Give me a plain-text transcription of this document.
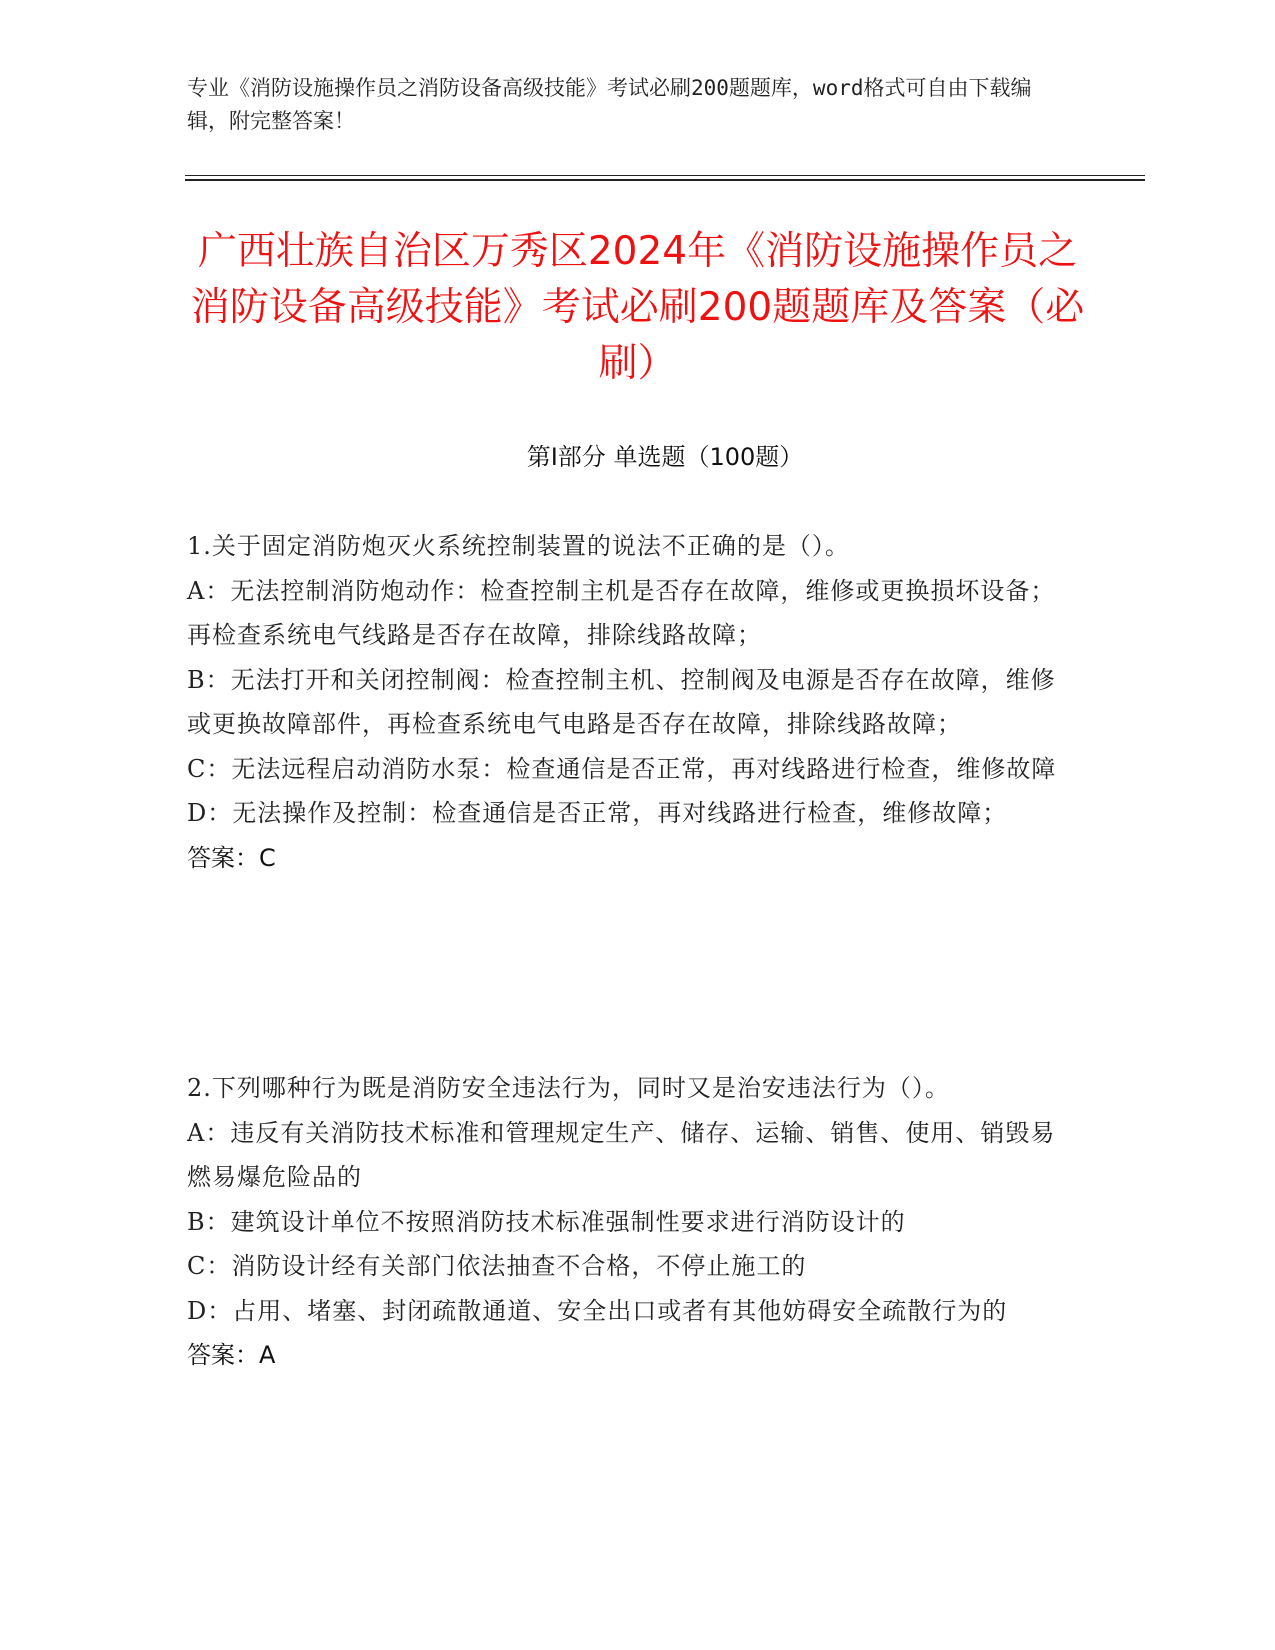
专业《消防设施操作员之消防设备高级技能》考试必刷200题题库，word格式可自由下载编辑，附完整答案！
广西壮族自治区万秀区2024年《消防设施操作员之消防设备高级技能》考试必刷200题题库及答案（必刷）
第I部分 单选题（100题）

1.关于固定消防炮灭火系统控制装置的说法不正确的是（）。

A：无法控制消防炮动作：检查控制主机是否存在故障，维修或更换损坏设备；再检查系统电气线路是否存在故障，排除线路故障；

B：无法打开和关闭控制阀：检查控制主机、控制阀及电源是否存在故障，维修或更换故障部件，再检查系统电气电路是否存在故障，排除线路故障；

C：无法远程启动消防水泵：检查通信是否正常，再对线路进行检查，维修故障

D：无法操作及控制：检查通信是否正常，再对线路进行检查，维修故障；

答案：C

2.下列哪种行为既是消防安全违法行为，同时又是治安违法行为（）。

A：违反有关消防技术标准和管理规定生产、储存、运输、销售、使用、销毁易燃易爆危险品的

B：建筑设计单位不按照消防技术标准强制性要求进行消防设计的

C：消防设计经有关部门依法抽查不合格，不停止施工的

D：占用、堵塞、封闭疏散通道、安全出口或者有其他妨碍安全疏散行为的

答案：A
